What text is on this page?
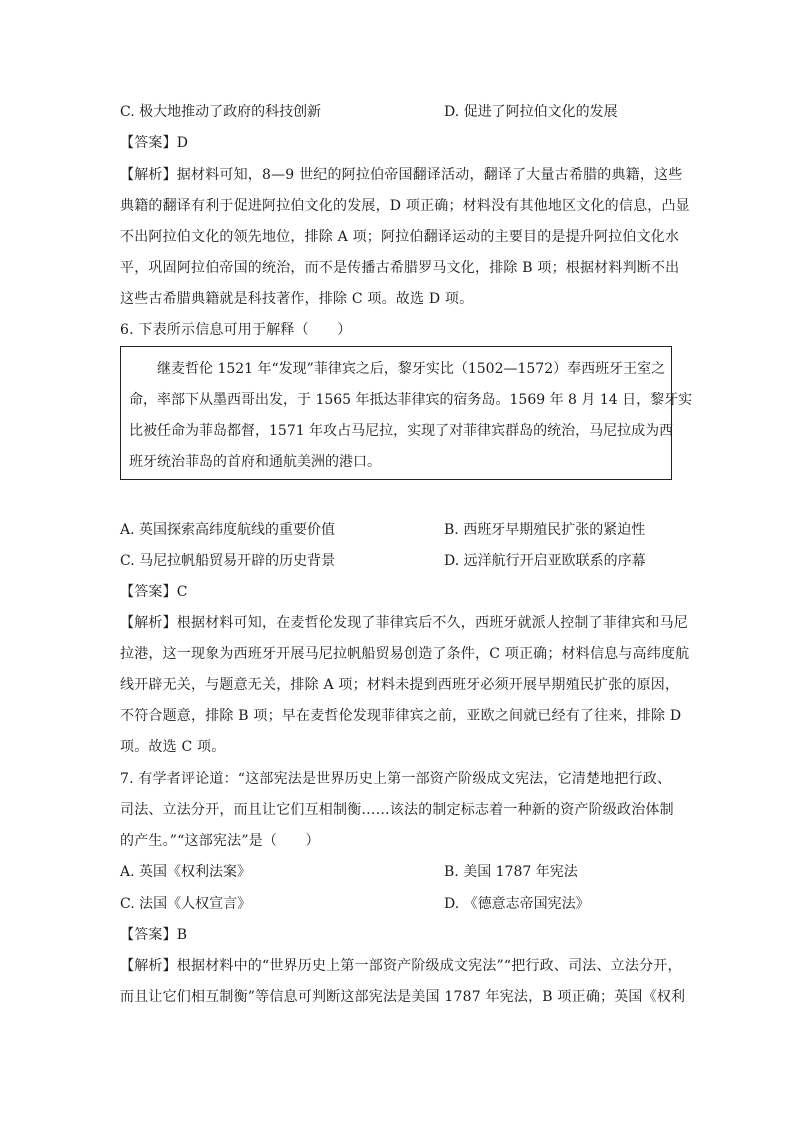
C. 极大地推动了政府的科技创新	D. 促进了阿拉伯文化的发展
【答案】D
【解析】据材料可知，8—9 世纪的阿拉伯帝国翻译活动，翻译了大量古希腊的典籍，这些
典籍的翻译有利于促进阿拉伯文化的发展，D 项正确；材料没有其他地区文化的信息，凸显
不出阿拉伯文化的领先地位，排除 A 项；阿拉伯翻译运动的主要目的是提升阿拉伯文化水
平，巩固阿拉伯帝国的统治，而不是传播古希腊罗马文化，排除 B 项；根据材料判断不出
这些古希腊典籍就是科技著作，排除 C 项。故选 D 项。
6. 下表所示信息可用于解释（　　）
继麦哲伦 1521 年“发现”菲律宾之后，黎牙实比（1502—1572）奉西班牙王室之
命，率部下从墨西哥出发，于 1565 年抵达菲律宾的宿务岛。1569 年 8 月 14 日，黎牙实
比被任命为菲岛都督，1571 年攻占马尼拉，实现了对菲律宾群岛的统治，马尼拉成为西
班牙统治菲岛的首府和通航美洲的港口。
A. 英国探索高纬度航线的重要价值	B. 西班牙早期殖民扩张的紧迫性
C. 马尼拉帆船贸易开辟的历史背景	D. 远洋航行开启亚欧联系的序幕
【答案】C
【解析】根据材料可知，在麦哲伦发现了菲律宾后不久，西班牙就派人控制了菲律宾和马尼
拉港，这一现象为西班牙开展马尼拉帆船贸易创造了条件，C 项正确；材料信息与高纬度航
线开辟无关，与题意无关，排除 A 项；材料未提到西班牙必须开展早期殖民扩张的原因，
不符合题意，排除 B 项；早在麦哲伦发现菲律宾之前，亚欧之间就已经有了往来，排除 D
项。故选 C 项。
7. 有学者评论道：“这部宪法是世界历史上第一部资产阶级成文宪法，它清楚地把行政、
司法、立法分开，而且让它们互相制衡……该法的制定标志着一种新的资产阶级政治体制
的产生。”“这部宪法”是（　　）
A. 英国《权利法案》	B. 美国 1787 年宪法
C. 法国《人权宣言》	D. 《德意志帝国宪法》
【答案】B
【解析】根据材料中的“世界历史上第一部资产阶级成文宪法”“把行政、司法、立法分开，
而且让它们相互制衡”等信息可判断这部宪法是美国 1787 年宪法，B 项正确；英国《权利
